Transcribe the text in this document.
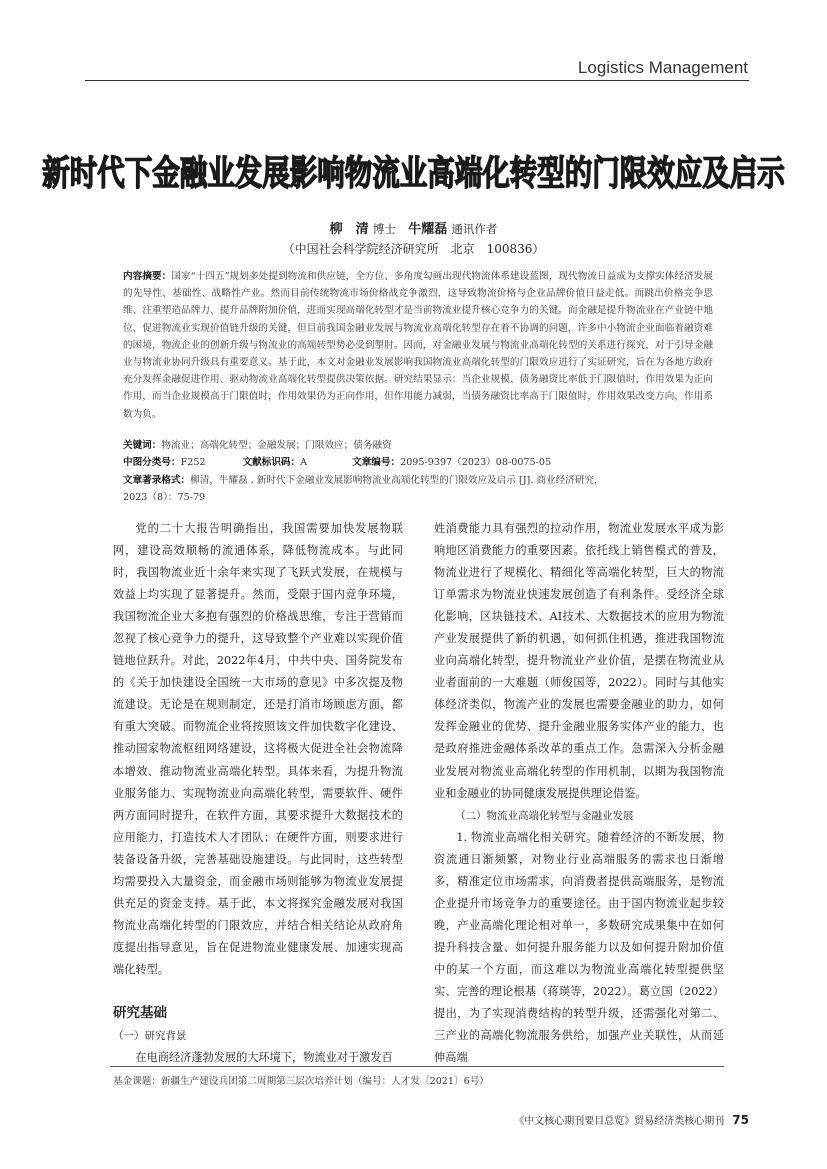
Logistics Management
新时代下金融业发展影响物流业高端化转型的门限效应及启示
柳　清 博士 牛耀磊 通讯作者
（中国社会科学院经济研究所　北京　100836）
内容摘要：国家“十四五”规划多处提到物流和供应链，全方位、多角度勾画出现代物流体系建设蓝图，现代物流日益成为支撑实体经济发展的先导性、基础性、战略性产业。然而目前传统物流市场价格战竞争激烈，这导致物流价格与企业品牌价值日益走低。而跳出价格竞争思维、注重塑造品牌力、提升品牌附加价值，进而实现高端化转型才是当前物流业提升核心竞争力的关键。而金融是提升物流业在产业链中地位、促进物流业实现价值链升级的关键，但目前我国金融业发展与物流业高端化转型存在着不协调的问题，许多中小物流企业面临着融资难的困境，物流企业的创新升级与物流业的高端转型势必受到掣肘。因而，对金融业发展与物流业高端化转型的关系进行探究，对于引导金融业与物流业协同升级具有重要意义。基于此，本文对金融业发展影响我国物流业高端化转型的门限效应进行了实证研究，旨在为各地方政府充分发挥金融促进作用、驱动物流业高端化转型提供决策依据。研究结果显示：当企业规模、债务融资比率低于门限值时，作用效果为正向作用，而当企业规模高于门限值时，作用效果仍为正向作用，但作用能力减弱，当债务融资比率高于门限值时，作用效果改变方向，作用系数为负。
关键词：物流业；高端化转型；金融发展；门限效应；债务融资
中图分类号：F252	文献标识码：A	文章编号：2095-9397（2023）08-0075-05
文章著录格式：柳清，牛耀磊 . 新时代下金融业发展影响物流业高端化转型的门限效应及启示 [J]. 商业经济研究，
2023（8）：75-79

党的二十大报告明确指出，我国需要加快发展物联网，建设高效顺畅的流通体系，降低物流成本。与此同时，我国物流业近十余年来实现了飞跃式发展，在规模与效益上均实现了显著提升。然而，受限于国内竞争环境，我国物流企业大多抱有强烈的价格战思维，专注于营销而忽视了核心竞争力的提升，这导致整个产业难以实现价值链地位跃升。对此，2022年4月，中共中央、国务院发布的《关于加快建设全国统一大市场的意见》中多次提及物流建设。无论是在规则制定，还是打消市场顾虑方面，都有重大突破。而物流企业将按照该文件加快数字化建设、推动国家物流枢纽网络建设，这将极大促进全社会物流降本增效、推动物流业高端化转型。具体来看，为提升物流业服务能力、实现物流业向高端化转型，需要软件、硬件两方面同时提升，在软件方面，其要求提升大数据技术的应用能力，打造技术人才团队；在硬件方面，则要求进行装备设备升级，完善基础设施建设。与此同时，这些转型均需要投入大量资金，而金融市场则能够为物流业发展提供充足的资金支持。基于此，本文将探究金融发展对我国物流业高端化转型的门限效应，并结合相关结论从政府角度提出指导意见，旨在促进物流业健康发展、加速实现高端化转型。

研究基础
（一）研究背景

在电商经济蓬勃发展的大环境下，物流业对于激发百

姓消费能力具有强烈的拉动作用，物流业发展水平成为影响地区消费能力的重要因素。依托线上销售模式的普及，物流业进行了规模化、精细化等高端化转型，巨大的物流订单需求为物流业快速发展创造了有利条件。受经济全球化影响，区块链技术、AI技术、大数据技术的应用为物流产业发展提供了新的机遇，如何抓住机遇，推进我国物流业向高端化转型，提升物流业产业价值，是摆在物流业从业者面前的一大难题（师俊国等，2022）。同时与其他实体经济类似，物流产业的发展也需要金融业的助力，如何发挥金融业的优势、提升金融业服务实体产业的能力，也是政府推进金融体系改革的重点工作。急需深入分析金融业发展对物流业高端化转型的作用机制，以期为我国物流业和金融业的协同健康发展提供理论借鉴。

（二）物流业高端化转型与金融业发展

1. 物流业高端化相关研究。随着经济的不断发展，物资流通日渐频繁，对物业行业高端服务的需求也日渐增多，精准定位市场需求，向消费者提供高端服务，是物流企业提升市场竞争力的重要途径。由于国内物流业起步较晚，产业高端化理论相对单一，多数研究成果集中在如何提升科技含量、如何提升服务能力以及如何提升附加价值中的某一个方面，而这难以为物流业高端化转型提供坚实、完善的理论根基（蒋瑛等，2022）。葛立国（2022）提出，为了实现消费结构的转型升级，还需强化对第二、三产业的高端化物流服务供给，加强产业关联性，从而延伸高端

基金课题：新疆生产建设兵团第二周期第三层次培养计划（编号：人才发〔2021〕6号）
《中文核心期刊要目总览》贸易经济类核心期刊 75
